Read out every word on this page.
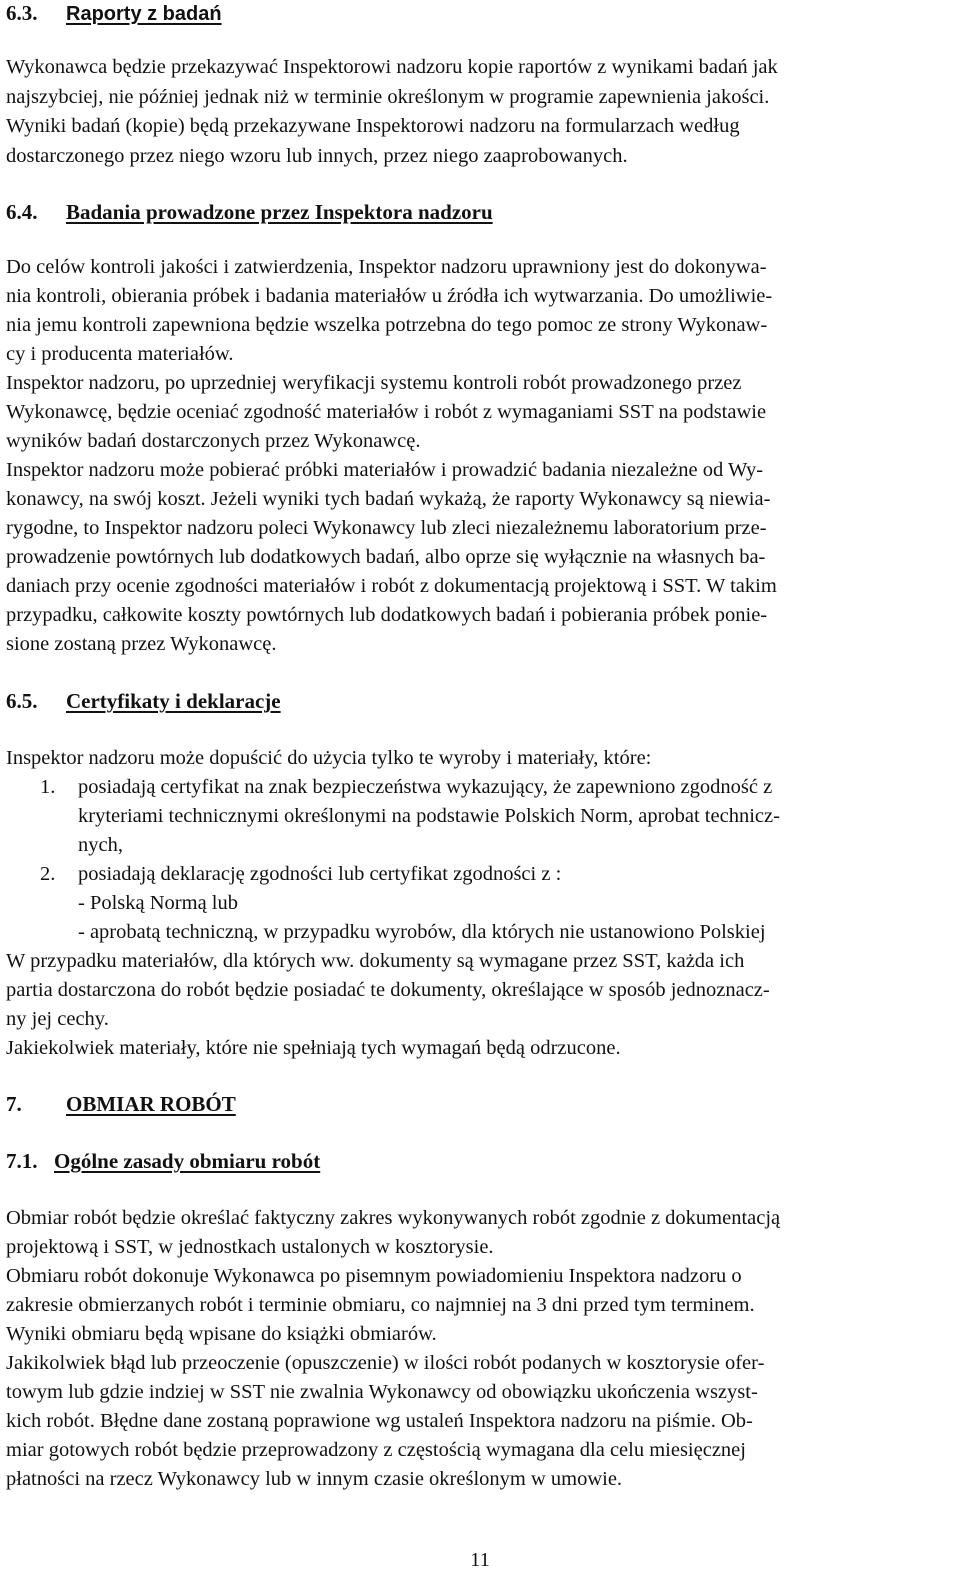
6.3. Raporty z badań
Wykonawca będzie przekazywać Inspektorowi nadzoru kopie raportów z wynikami badań jak
najszybciej, nie później jednak niż w terminie określonym w programie zapewnienia jakości.
Wyniki badań (kopie) będą przekazywane Inspektorowi nadzoru na formularzach według
dostarczonego przez niego wzoru lub innych, przez niego zaaprobowanych.
6.4. Badania prowadzone przez Inspektora nadzoru
Do celów kontroli jakości i zatwierdzenia, Inspektor nadzoru uprawniony jest do dokonywa-
nia kontroli, obierania próbek i badania materiałów u źródła ich wytwarzania. Do umożliwie-
nia jemu kontroli zapewniona będzie wszelka potrzebna do tego pomoc ze strony Wykonaw-
cy i producenta materiałów.
Inspektor nadzoru, po uprzedniej weryfikacji systemu kontroli robót prowadzonego przez
Wykonawcę, będzie oceniać zgodność materiałów i robót z wymaganiami SST na podstawie
wyników badań dostarczonych przez Wykonawcę.
Inspektor nadzoru może pobierać próbki materiałów i prowadzić badania niezależne od Wy-
konawcy, na swój koszt. Jeżeli wyniki tych badań wykażą, że raporty Wykonawcy są niewia-
rygodne, to Inspektor nadzoru poleci Wykonawcy lub zleci niezależnemu laboratorium prze-
prowadzenie powtórnych lub dodatkowych badań, albo oprze się wyłącznie na własnych ba-
daniach przy ocenie zgodności materiałów i robót z dokumentacją projektową i SST. W takim
przypadku, całkowite koszty powtórnych lub dodatkowych badań i pobierania próbek ponie-
sione zostaną przez Wykonawcę.
6.5. Certyfikaty i deklaracje
Inspektor nadzoru może dopuścić do użycia tylko te wyroby i materiały, które:
1. posiadają certyfikat na znak bezpieczeństwa wykazujący, że zapewniono zgodność z
kryteriami technicznymi określonymi na podstawie Polskich Norm, aprobat technicz-
nych,
2. posiadają deklarację zgodności lub certyfikat zgodności z :
- Polską Normą lub
- aprobatą techniczną, w przypadku wyrobów, dla których nie ustanowiono Polskiej
W przypadku materiałów, dla których ww. dokumenty są wymagane przez SST, każda ich
partia dostarczona do robót będzie posiadać te dokumenty, określające w sposób jednoznacz-
ny jej cechy.
Jakiekolwiek materiały, które nie spełniają tych wymagań będą odrzucone.
7. OBMIAR ROBÓT
7.1. Ogólne zasady obmiaru robót
Obmiar robót będzie określać faktyczny zakres wykonywanych robót zgodnie z dokumentacją
projektową i SST, w jednostkach ustalonych w kosztorysie.
Obmiaru robót dokonuje Wykonawca po pisemnym powiadomieniu Inspektora nadzoru o
zakresie obmierzanych robót i terminie obmiaru, co najmniej na 3 dni przed tym terminem.
Wyniki obmiaru będą wpisane do książki obmiarów.
Jakikolwiek błąd lub przeoczenie (opuszczenie) w ilości robót podanych w kosztorysie ofer-
towym lub gdzie indziej w SST nie zwalnia Wykonawcy od obowiązku ukończenia wszyst-
kich robót. Błędne dane zostaną poprawione wg ustaleń Inspektora nadzoru na piśmie. Ob-
miar gotowych robót będzie przeprowadzony z częstością wymagana dla celu miesięcznej
płatności na rzecz Wykonawcy lub w innym czasie określonym w umowie.
11
